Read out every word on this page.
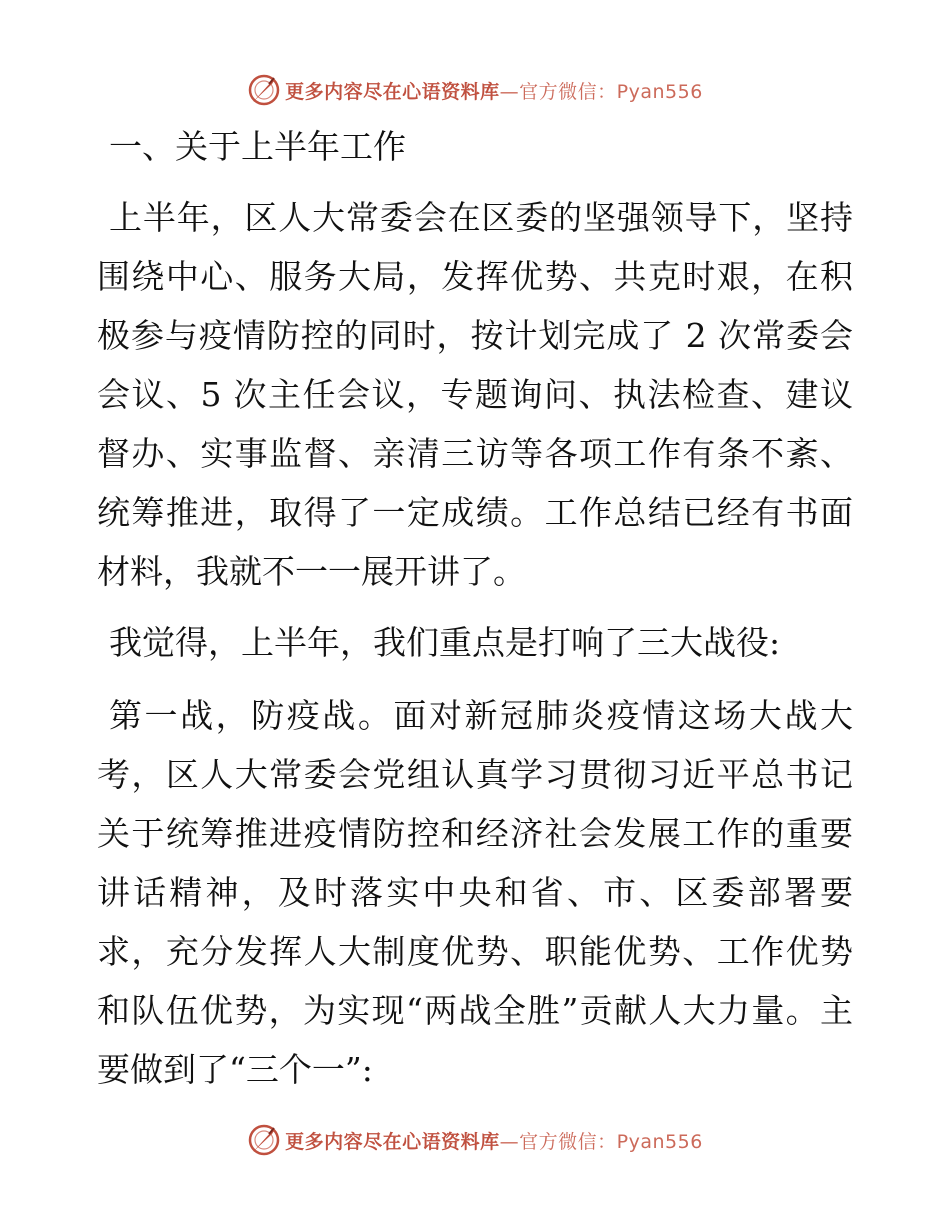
更多内容尽在心语资料库—官方微信：Pyan556
一、关于上半年工作

上半年，区人大常委会在区委的坚强领导下，坚持围绕中心、服务大局，发挥优势、共克时艰，在积极参与疫情防控的同时，按计划完成了 2 次常委会会议、5 次主任会议，专题询问、执法检查、建议督办、实事监督、亲清三访等各项工作有条不紊、统筹推进，取得了一定成绩。工作总结已经有书面材料，我就不一一展开讲了。

我觉得，上半年，我们重点是打响了三大战役:

第一战，防疫战。面对新冠肺炎疫情这场大战大考，区人大常委会党组认真学习贯彻习近平总书记关于统筹推进疫情防控和经济社会发展工作的重要讲话精神，及时落实中央和省、市、区委部署要求，充分发挥人大制度优势、职能优势、工作优势和队伍优势，为实现“两战全胜”贡献人大力量。主要做到了“三个一”:

更多内容尽在心语资料库—官方微信：Pyan556
